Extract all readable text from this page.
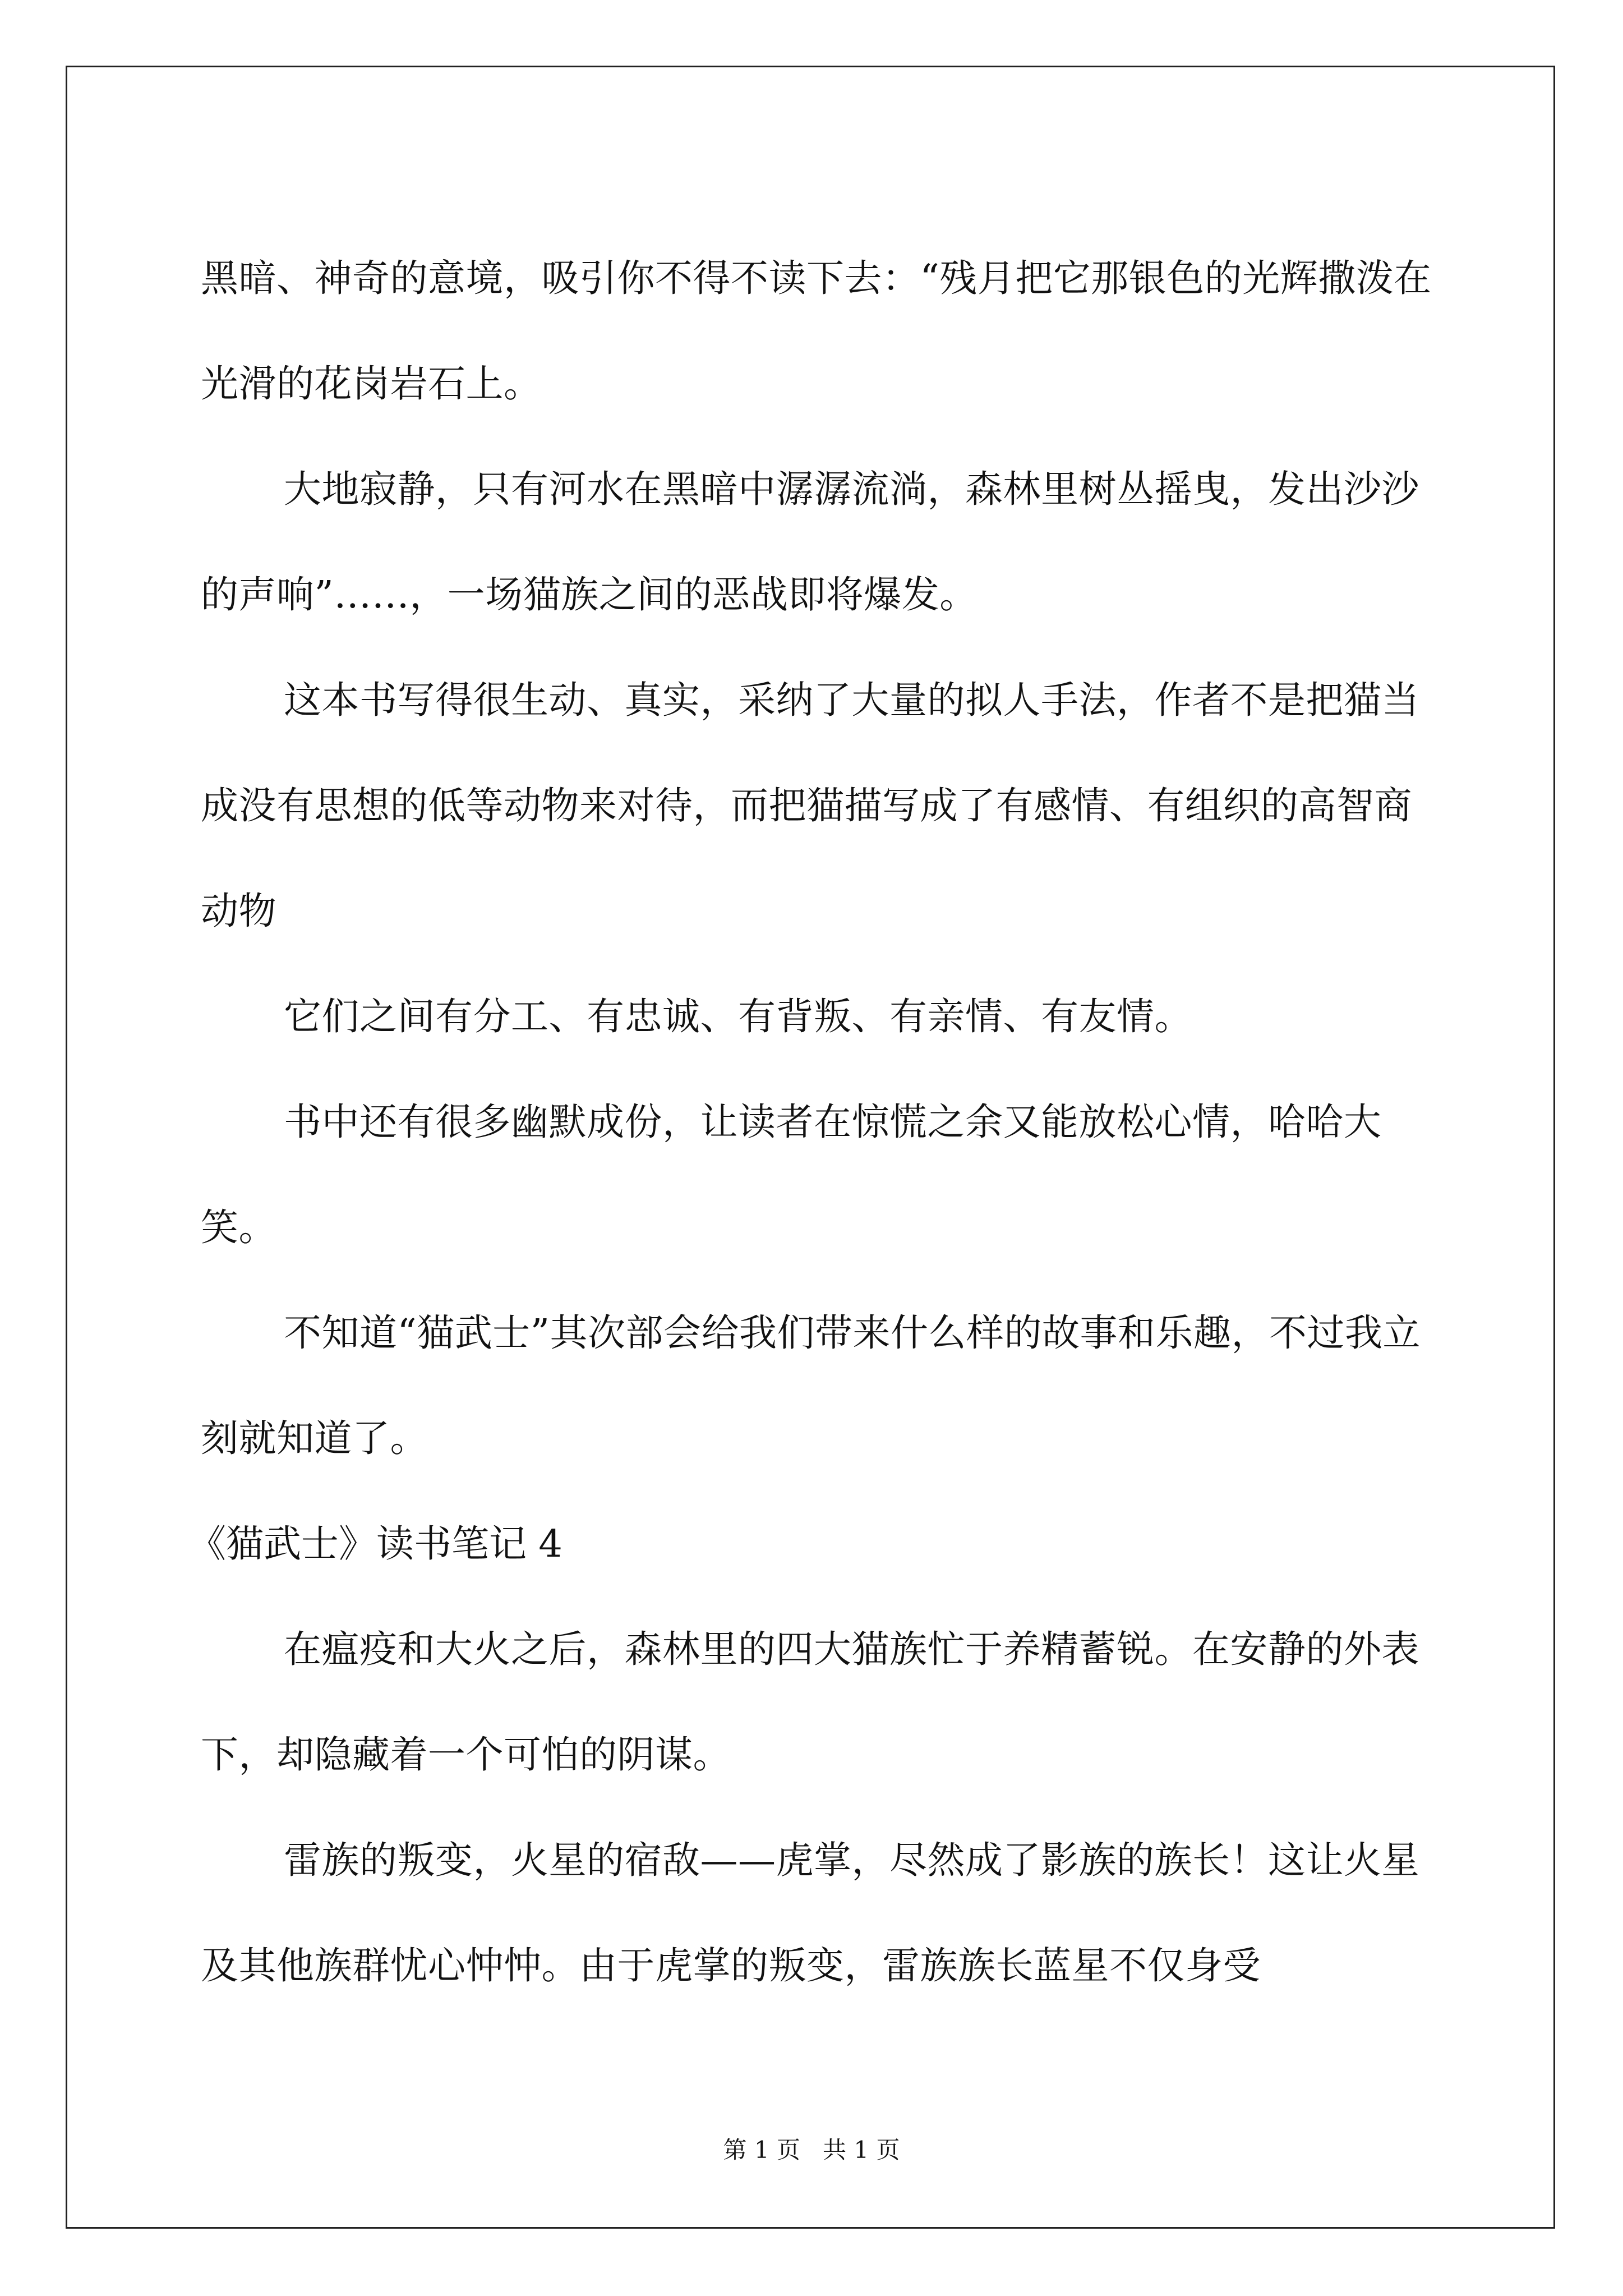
黑暗、神奇的意境，吸引你不得不读下去：“残月把它那银色的光辉撒泼在光滑的花岗岩石上。

大地寂静，只有河水在黑暗中潺潺流淌，森林里树丛摇曳，发出沙沙的声响”……，一场猫族之间的恶战即将爆发。

这本书写得很生动、真实，采纳了大量的拟人手法，作者不是把猫当成没有思想的低等动物来对待，而把猫描写成了有感情、有组织的高智商动物

它们之间有分工、有忠诚、有背叛、有亲情、有友情。

书中还有很多幽默成份，让读者在惊慌之余又能放松心情，哈哈大笑。

不知道“猫武士”其次部会给我们带来什么样的故事和乐趣，不过我立刻就知道了。

《猫武士》读书笔记 4

在瘟疫和大火之后，森林里的四大猫族忙于养精蓄锐。在安静的外表下，却隐藏着一个可怕的阴谋。

雷族的叛变，火星的宿敌——虎掌，尽然成了影族的族长！这让火星及其他族群忧心忡忡。由于虎掌的叛变，雷族族长蓝星不仅身受

第 1 页 共 1 页
